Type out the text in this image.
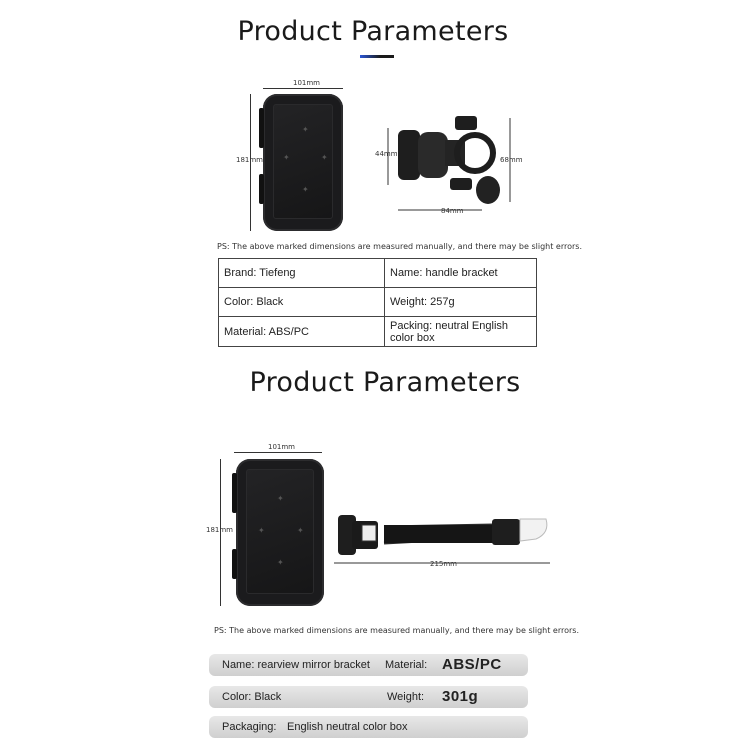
Product Parameters
101mm
181mm
✦
✦	✦
✦
44mm
84mm
68mm
PS: The above marked dimensions are measured manually, and there may be slight errors.
Brand: Tiefeng	Name: handle bracket
Color: Black	Weight: 257g
Material: ABS/PC	Packing: neutral English color box
Product Parameters
101mm
181mm
✦
✦	✦
✦	215mm
PS: The above marked dimensions are measured manually, and there may be slight errors.
Name: rearview mirror bracket Material: ABS/PC
Color: Black	Weight: 301g
Packaging: English neutral color box
